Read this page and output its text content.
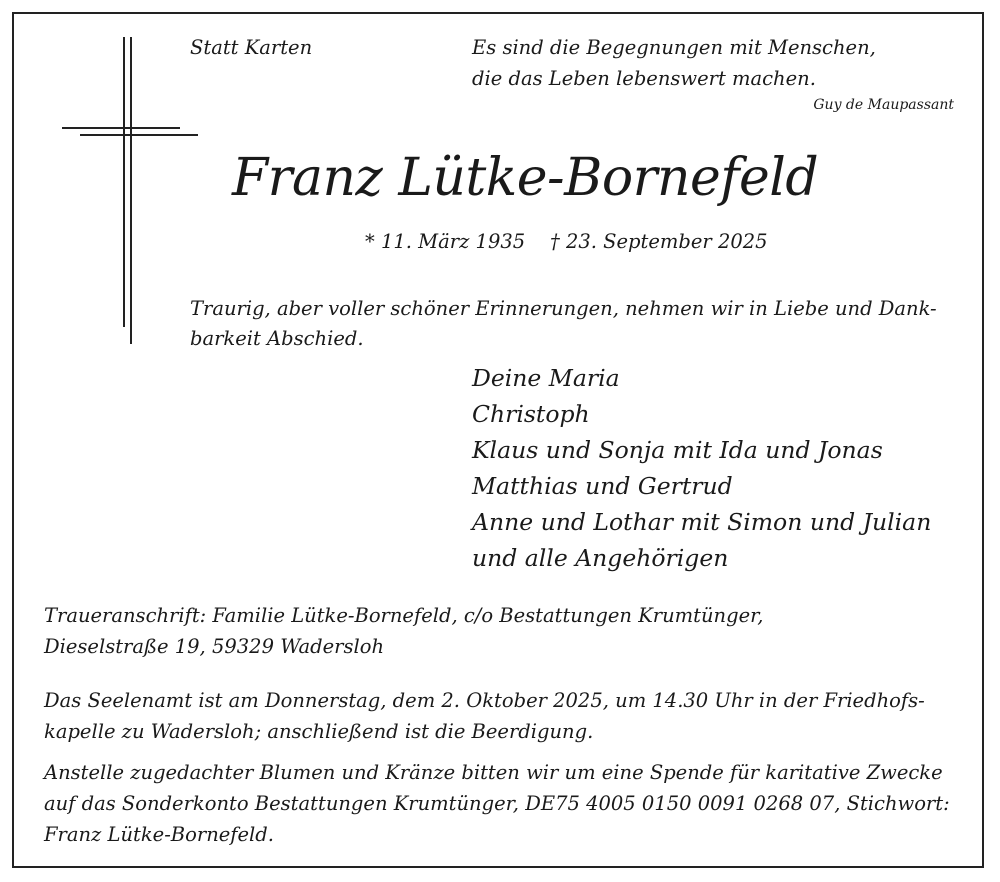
Statt Karten	Es sind die Begegnungen mit Menschen,
die das Leben lebenswert machen.
Guy de Maupassant
Franz Lütke-Bornefeld
* 11. März 1935 † 23. September 2025
Traurig, aber voller schöner Erinnerungen, nehmen wir in Liebe und Dank-
barkeit Abschied.
Deine Maria
Christoph
Klaus und Sonja mit Ida und Jonas
Matthias und Gertrud
Anne und Lothar mit Simon und Julian
und alle Angehörigen
Traueranschrift: Familie Lütke-Bornefeld, c/o Bestattungen Krumtünger,
Dieselstraße 19, 59329 Wadersloh
Das Seelenamt ist am Donnerstag, dem 2. Oktober 2025, um 14.30 Uhr in der Friedhofs-
kapelle zu Wadersloh; anschließend ist die Beerdigung.
Anstelle zugedachter Blumen und Kränze bitten wir um eine Spende für karitative Zwecke
auf das Sonderkonto Bestattungen Krumtünger, DE75 4005 0150 0091 0268 07, Stichwort:
Franz Lütke-Bornefeld.
